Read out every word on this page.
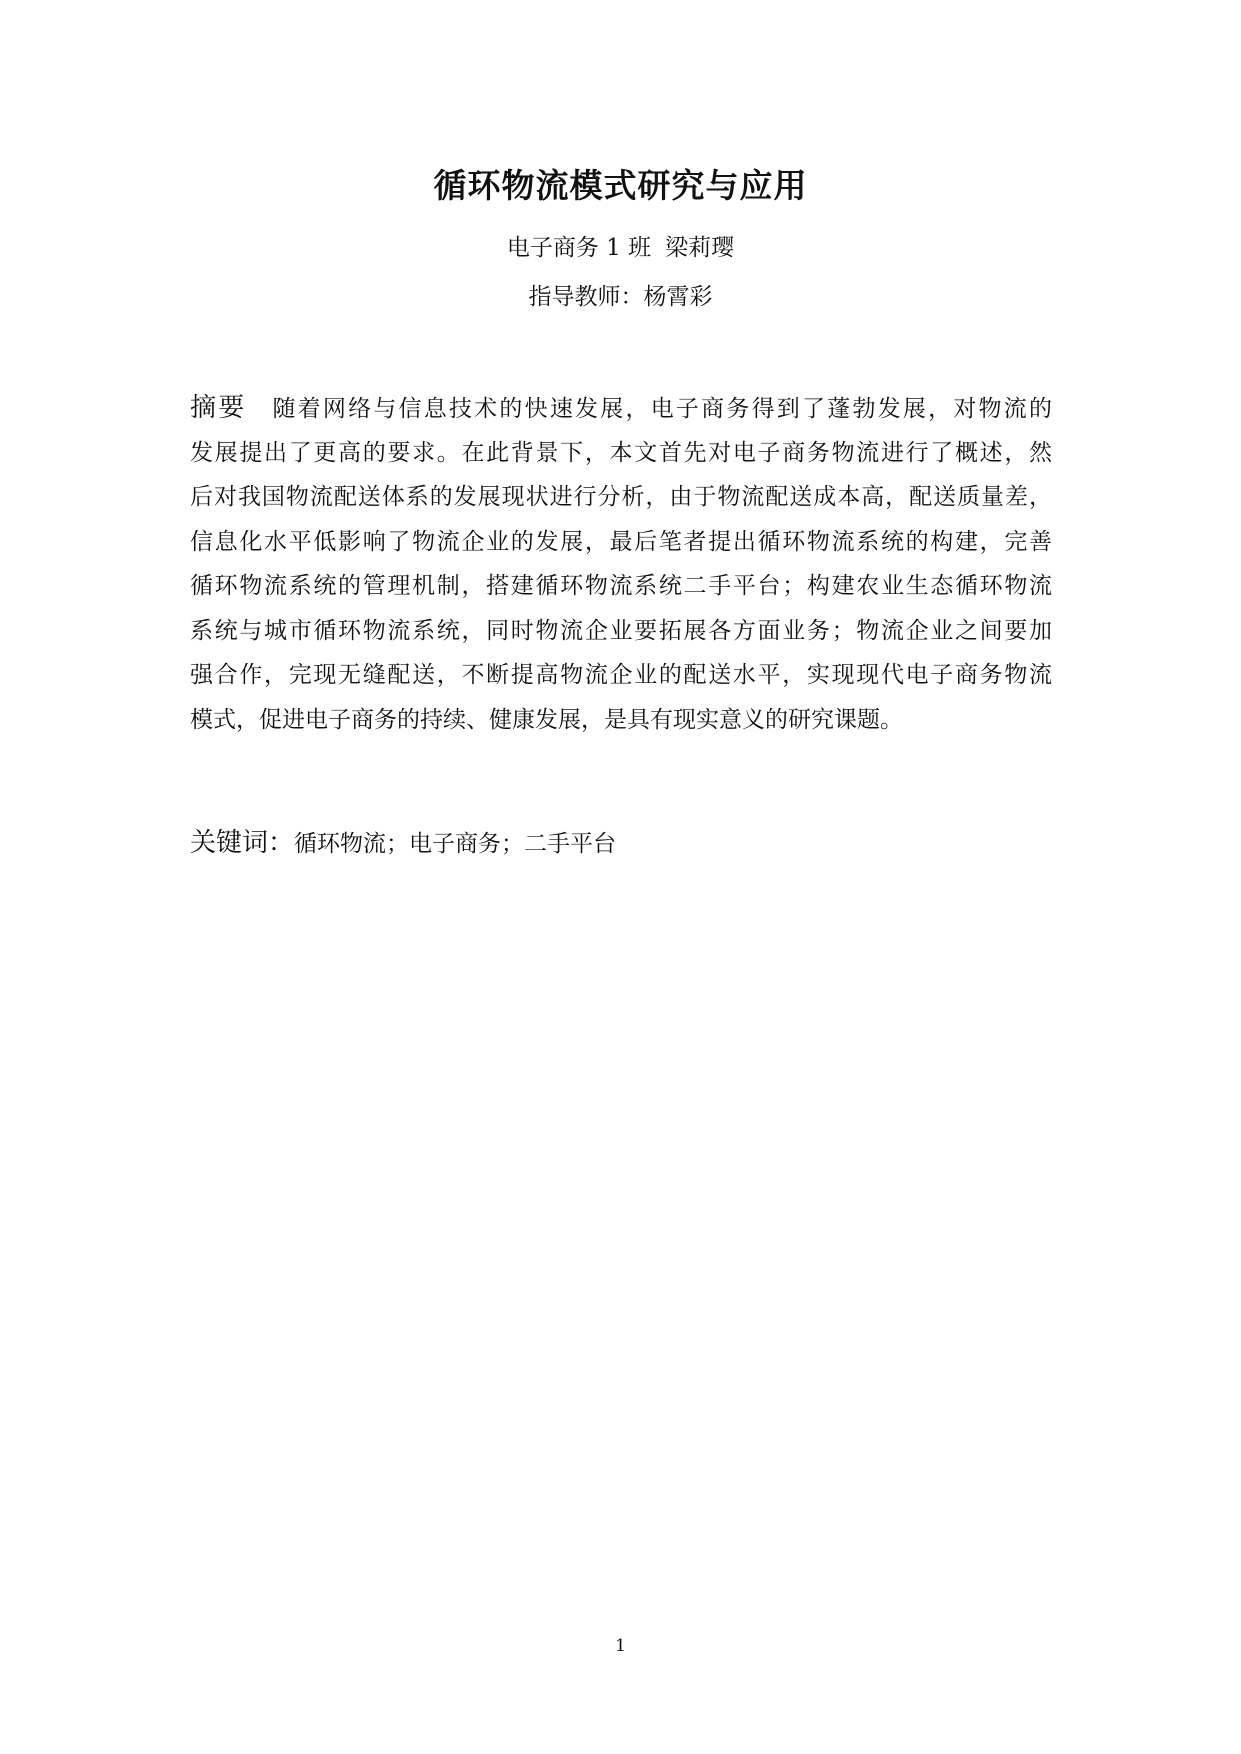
循环物流模式研究与应用
电子商务 1 班 梁莉璎
指导教师：杨霄彩
摘要 随着网络与信息技术的快速发展，电子商务得到了蓬勃发展，对物流的
发展提出了更高的要求。在此背景下，本文首先对电子商务物流进行了概述，然
后对我国物流配送体系的发展现状进行分析，由于物流配送成本高，配送质量差，
信息化水平低影响了物流企业的发展，最后笔者提出循环物流系统的构建，完善
循环物流系统的管理机制，搭建循环物流系统二手平台；构建农业生态循环物流
系统与城市循环物流系统，同时物流企业要拓展各方面业务；物流企业之间要加
强合作，完现无缝配送，不断提高物流企业的配送水平，实现现代电子商务物流
模式，促进电子商务的持续、健康发展，是具有现实意义的研究课题。
关键词：循环物流；电子商务；二手平台
1
